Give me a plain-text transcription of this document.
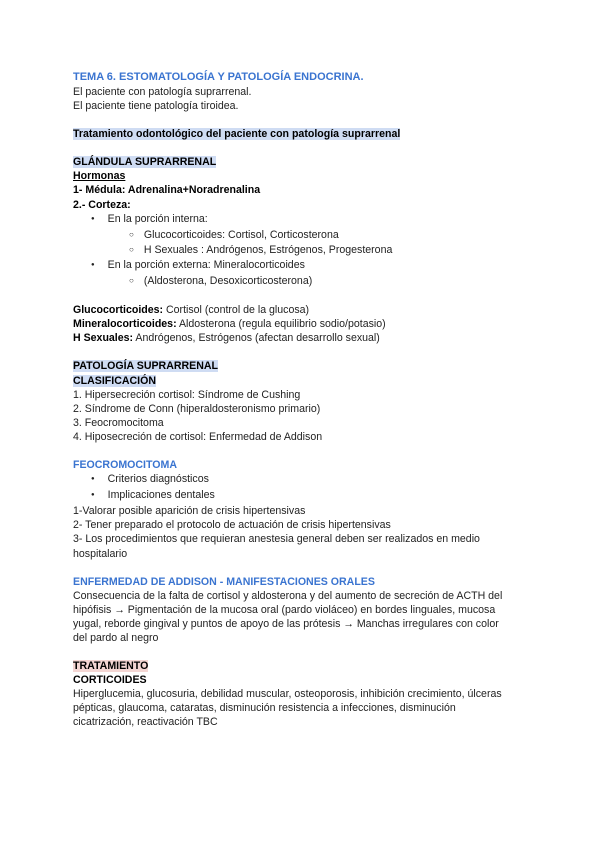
TEMA 6. ESTOMATOLOGÍA Y PATOLOGÍA ENDOCRINA.
El paciente con patología suprarrenal.
El paciente tiene patología tiroidea.
Tratamiento odontológico del paciente con patología suprarrenal
GLÁNDULA SUPRARRENAL
Hormonas
1- Médula: Adrenalina+Noradrenalina
2.- Corteza:
● En la porción interna:
○ Glucocorticoides: Cortisol, Corticosterona
○ H Sexuales : Andrógenos, Estrógenos, Progesterona
● En la porción externa: Mineralocorticoides
○ (Aldosterona, Desoxicorticosterona)
Glucocorticoides: Cortisol (control de la glucosa)
Mineralocorticoides: Aldosterona (regula equilibrio sodio/potasio)
H Sexuales: Andrógenos, Estrógenos (afectan desarrollo sexual)
PATOLOGÍA SUPRARRENAL
CLASIFICACIÓN
1. Hipersecreción cortisol: Síndrome de Cushing
2. Síndrome de Conn (hiperaldosteronismo primario)
3. Feocromocitoma
4. Hiposecreción de cortisol: Enfermedad de Addison
FEOCROMOCITOMA
● Criterios diagnósticos
● Implicaciones dentales
1-Valorar posible aparición de crisis hipertensivas
2- Tener preparado el protocolo de actuación de crisis hipertensivas
3- Los procedimientos que requieran anestesia general deben ser realizados en medio hospitalario
ENFERMEDAD DE ADDISON - MANIFESTACIONES ORALES
Consecuencia de la falta de cortisol y aldosterona y del aumento de secreción de ACTH del hipófisis → Pigmentación de la mucosa oral (pardo violáceo) en bordes linguales, mucosa yugal, reborde gingival y puntos de apoyo de las prótesis → Manchas irregulares con color del pardo al negro
TRATAMIENTO
CORTICOIDES
Hiperglucemia, glucosuria, debilidad muscular, osteoporosis, inhibición crecimiento, úlceras pépticas, glaucoma, cataratas, disminución resistencia a infecciones, disminución cicatrización, reactivación TBC
